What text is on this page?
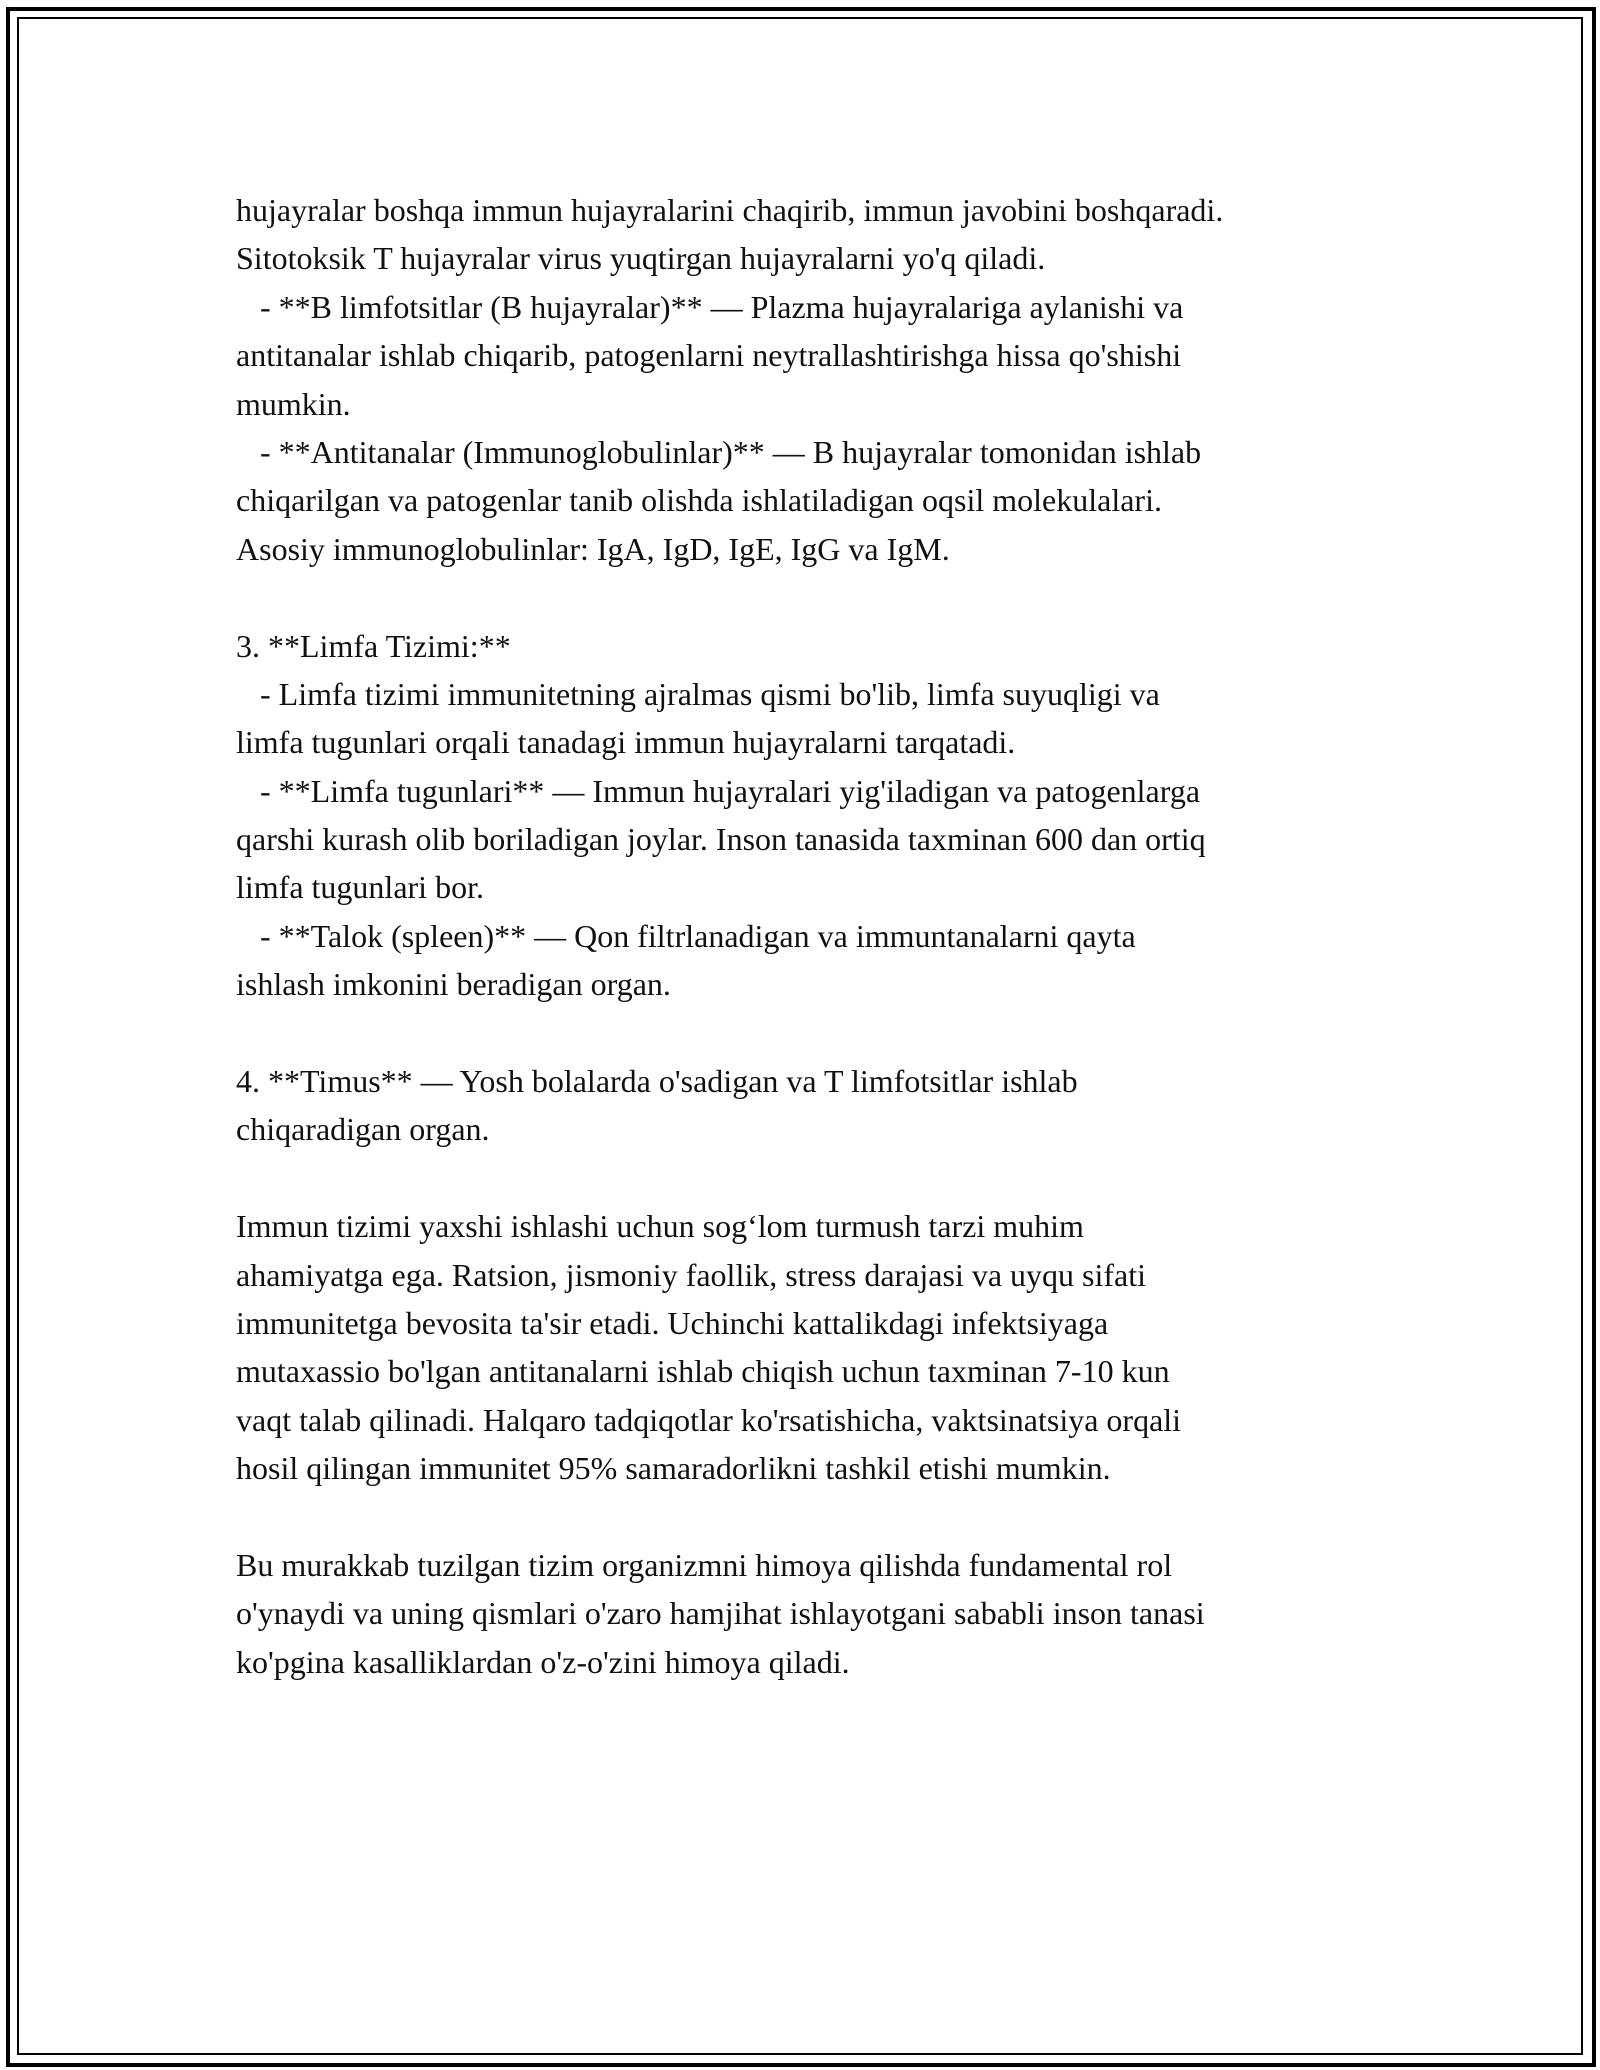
hujayralar boshqa immun hujayralarini chaqirib, immun javobini boshqaradi.
Sitotoksik T hujayralar virus yuqtirgan hujayralarni yo'q qiladi.
- **B limfotsitlar (B hujayralar)** — Plazma hujayralariga aylanishi va
antitanalar ishlab chiqarib, patogenlarni neytrallashtirishga hissa qo'shishi
mumkin.
- **Antitanalar (Immunoglobulinlar)** — B hujayralar tomonidan ishlab
chiqarilgan va patogenlar tanib olishda ishlatiladigan oqsil molekulalari.
Asosiy immunoglobulinlar: IgA, IgD, IgE, IgG va IgM.
3. **Limfa Tizimi:**
- Limfa tizimi immunitetning ajralmas qismi bo'lib, limfa suyuqligi va
limfa tugunlari orqali tanadagi immun hujayralarni tarqatadi.
- **Limfa tugunlari** — Immun hujayralari yig'iladigan va patogenlarga
qarshi kurash olib boriladigan joylar. Inson tanasida taxminan 600 dan ortiq
limfa tugunlari bor.
- **Talok (spleen)** — Qon filtrlanadigan va immuntanalarni qayta
ishlash imkonini beradigan organ.
4. **Timus** — Yosh bolalarda o'sadigan va T limfotsitlar ishlab
chiqaradigan organ.
Immun tizimi yaxshi ishlashi uchun sog‘lom turmush tarzi muhim
ahamiyatga ega. Ratsion, jismoniy faollik, stress darajasi va uyqu sifati
immunitetga bevosita ta'sir etadi. Uchinchi kattalikdagi infektsiyaga
mutaxassio bo'lgan antitanalarni ishlab chiqish uchun taxminan 7-10 kun
vaqt talab qilinadi. Halqaro tadqiqotlar ko'rsatishicha, vaktsinatsiya orqali
hosil qilingan immunitet 95% samaradorlikni tashkil etishi mumkin.
Bu murakkab tuzilgan tizim organizmni himoya qilishda fundamental rol
o'ynaydi va uning qismlari o'zaro hamjihat ishlayotgani sababli inson tanasi
ko'pgina kasalliklardan o'z-o'zini himoya qiladi.
